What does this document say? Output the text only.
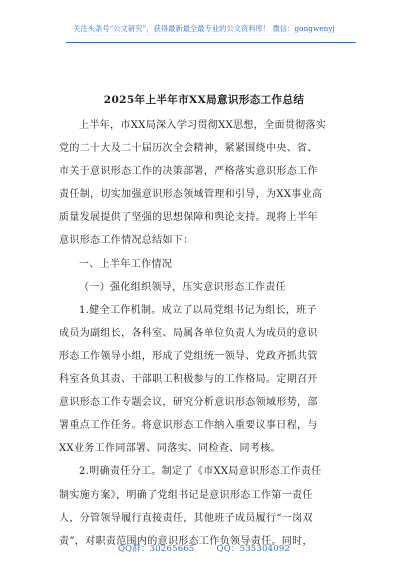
关注头条号“公文研究”，获得最新最全最专业的公文资料库！ 微信：gongwenyj
2025年上半年市XX局意识形态工作总结
上半年，市XX局深入学习贯彻XX思想，全面贯彻落实
党的二十大及二十届历次全会精神，紧紧围绕中央、省、
市关于意识形态工作的决策部署，严格落实意识形态工作
责任制，切实加强意识形态领域管理和引导，为XX事业高
质量发展提供了坚强的思想保障和舆论支持。现将上半年
意识形态工作情况总结如下：
一、上半年工作情况
（一）强化组织领导，压实意识形态工作责任
1.健全工作机制。成立了以局党组书记为组长，班子
成员为副组长，各科室、局属各单位负责人为成员的意识
形态工作领导小组，形成了党组统一领导、党政齐抓共管
科室各负其责、干部职工积极参与的工作格局。定期召开
意识形态工作专题会议，研究分析意识形态领域形势，部
署重点工作任务。将意识形态工作纳入重要议事日程，与
XX业务工作同部署、同落实、同检查、同考核。
2.明确责任分工。制定了《市XX局意识形态工作责任
制实施方案》，明确了党组书记是意识形态工作第一责任
人，分管领导履行直接责任，其他班子成员履行“一岗双
责”，对职责范围内的意识形态工作负领导责任。同时，
QQ群：30265665	QQ：535304092
